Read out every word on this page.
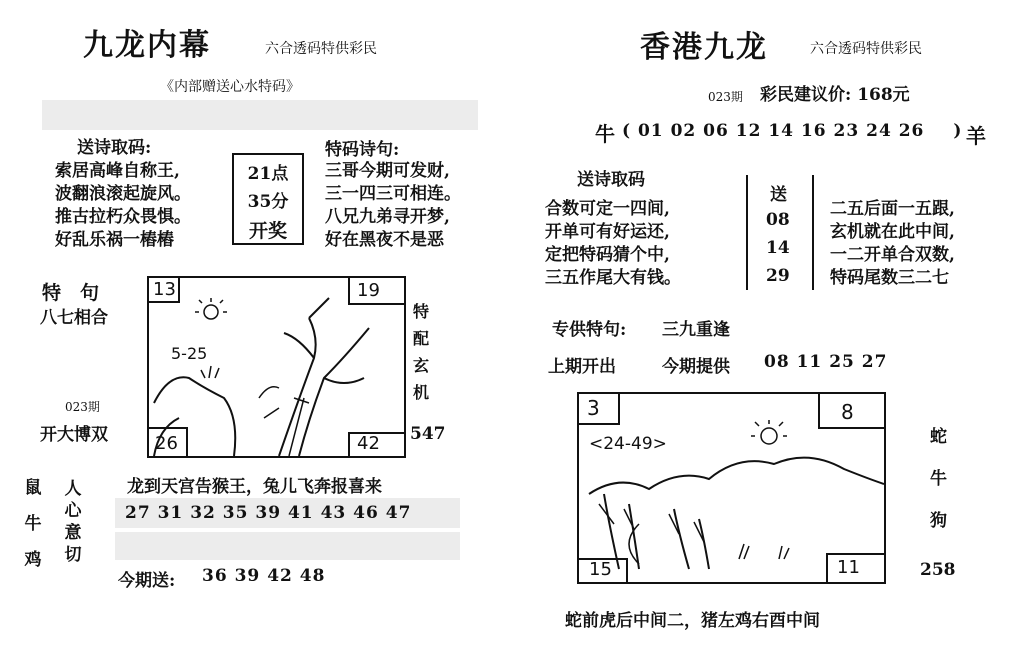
九龙内幕	六合透码特供彩民
《内部赠送心水特码》
送诗取码:
索居高峰自称王,
波翻浪滚起旋风。
推古拉朽众畏惧。
好乱乐祸一樁樁
21点
35分
开奖
特码诗句:
三哥今期可发财,
三一四三可相连。
八兄九弟寻开梦,
好在黑夜不是恶
特　句
八七相合
023期
开大博双
13	19
26	42
5-25
特配玄机
547
龙到天宫告猴王，兔儿飞奔报喜来
27 31 32 35 39 41 43 46 47
鼠牛鸡
人心意切
今期送: 36 39 42 48
香港九龙	六合透码特供彩民
023期 彩民建议价: 168元
牛 ( 01 02 06 12 14 16 23 24 26 ) 羊
送诗取码
合数可定一四间,
开单可有好运还,
定把特码猜个中,
三五作尾大有钱。
送
08
14
29
二五后面一五跟,
玄机就在此中间,
一二开单合双数,
特码尾数三二七
专供特句: 三九重逢
上期开出	今期提供 08 11 25 27
3	8
15	11
<24-49>	蛇
牛
狗
258
蛇前虎后中间二，猪左鸡右酉中间
